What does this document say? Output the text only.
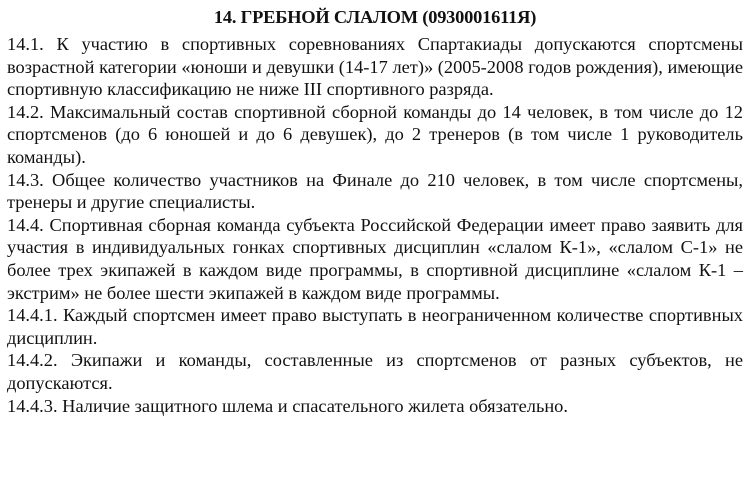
14. ГРЕБНОЙ СЛАЛОМ (0930001611Я)

14.1. К участию в спортивных соревнованиях Спартакиады допускаются спортсмены возрастной категории «юноши и девушки (14-17 лет)» (2005-2008 годов рождения), имеющие спортивную классификацию не ниже III спортивного разряда.

14.2. Максимальный состав спортивной сборной команды до 14 человек, в том числе до 12 спортсменов (до 6 юношей и до 6 девушек), до 2 тренеров (в том числе 1 руководитель команды).

14.3. Общее количество участников на Финале до 210 человек, в том числе спортсмены, тренеры и другие специалисты.

14.4. Спортивная сборная команда субъекта Российской Федерации имеет право заявить для участия в индивидуальных гонках спортивных дисциплин «слалом К-1», «слалом С-1» не более трех экипажей в каждом виде программы, в спортивной дисциплине «слалом К-1 – экстрим» не более шести экипажей в каждом виде программы.

14.4.1. Каждый спортсмен имеет право выступать в неограниченном количестве спортивных дисциплин.

14.4.2. Экипажи и команды, составленные из спортсменов от разных субъектов, не допускаются.

14.4.3. Наличие защитного шлема и спасательного жилета обязательно.
